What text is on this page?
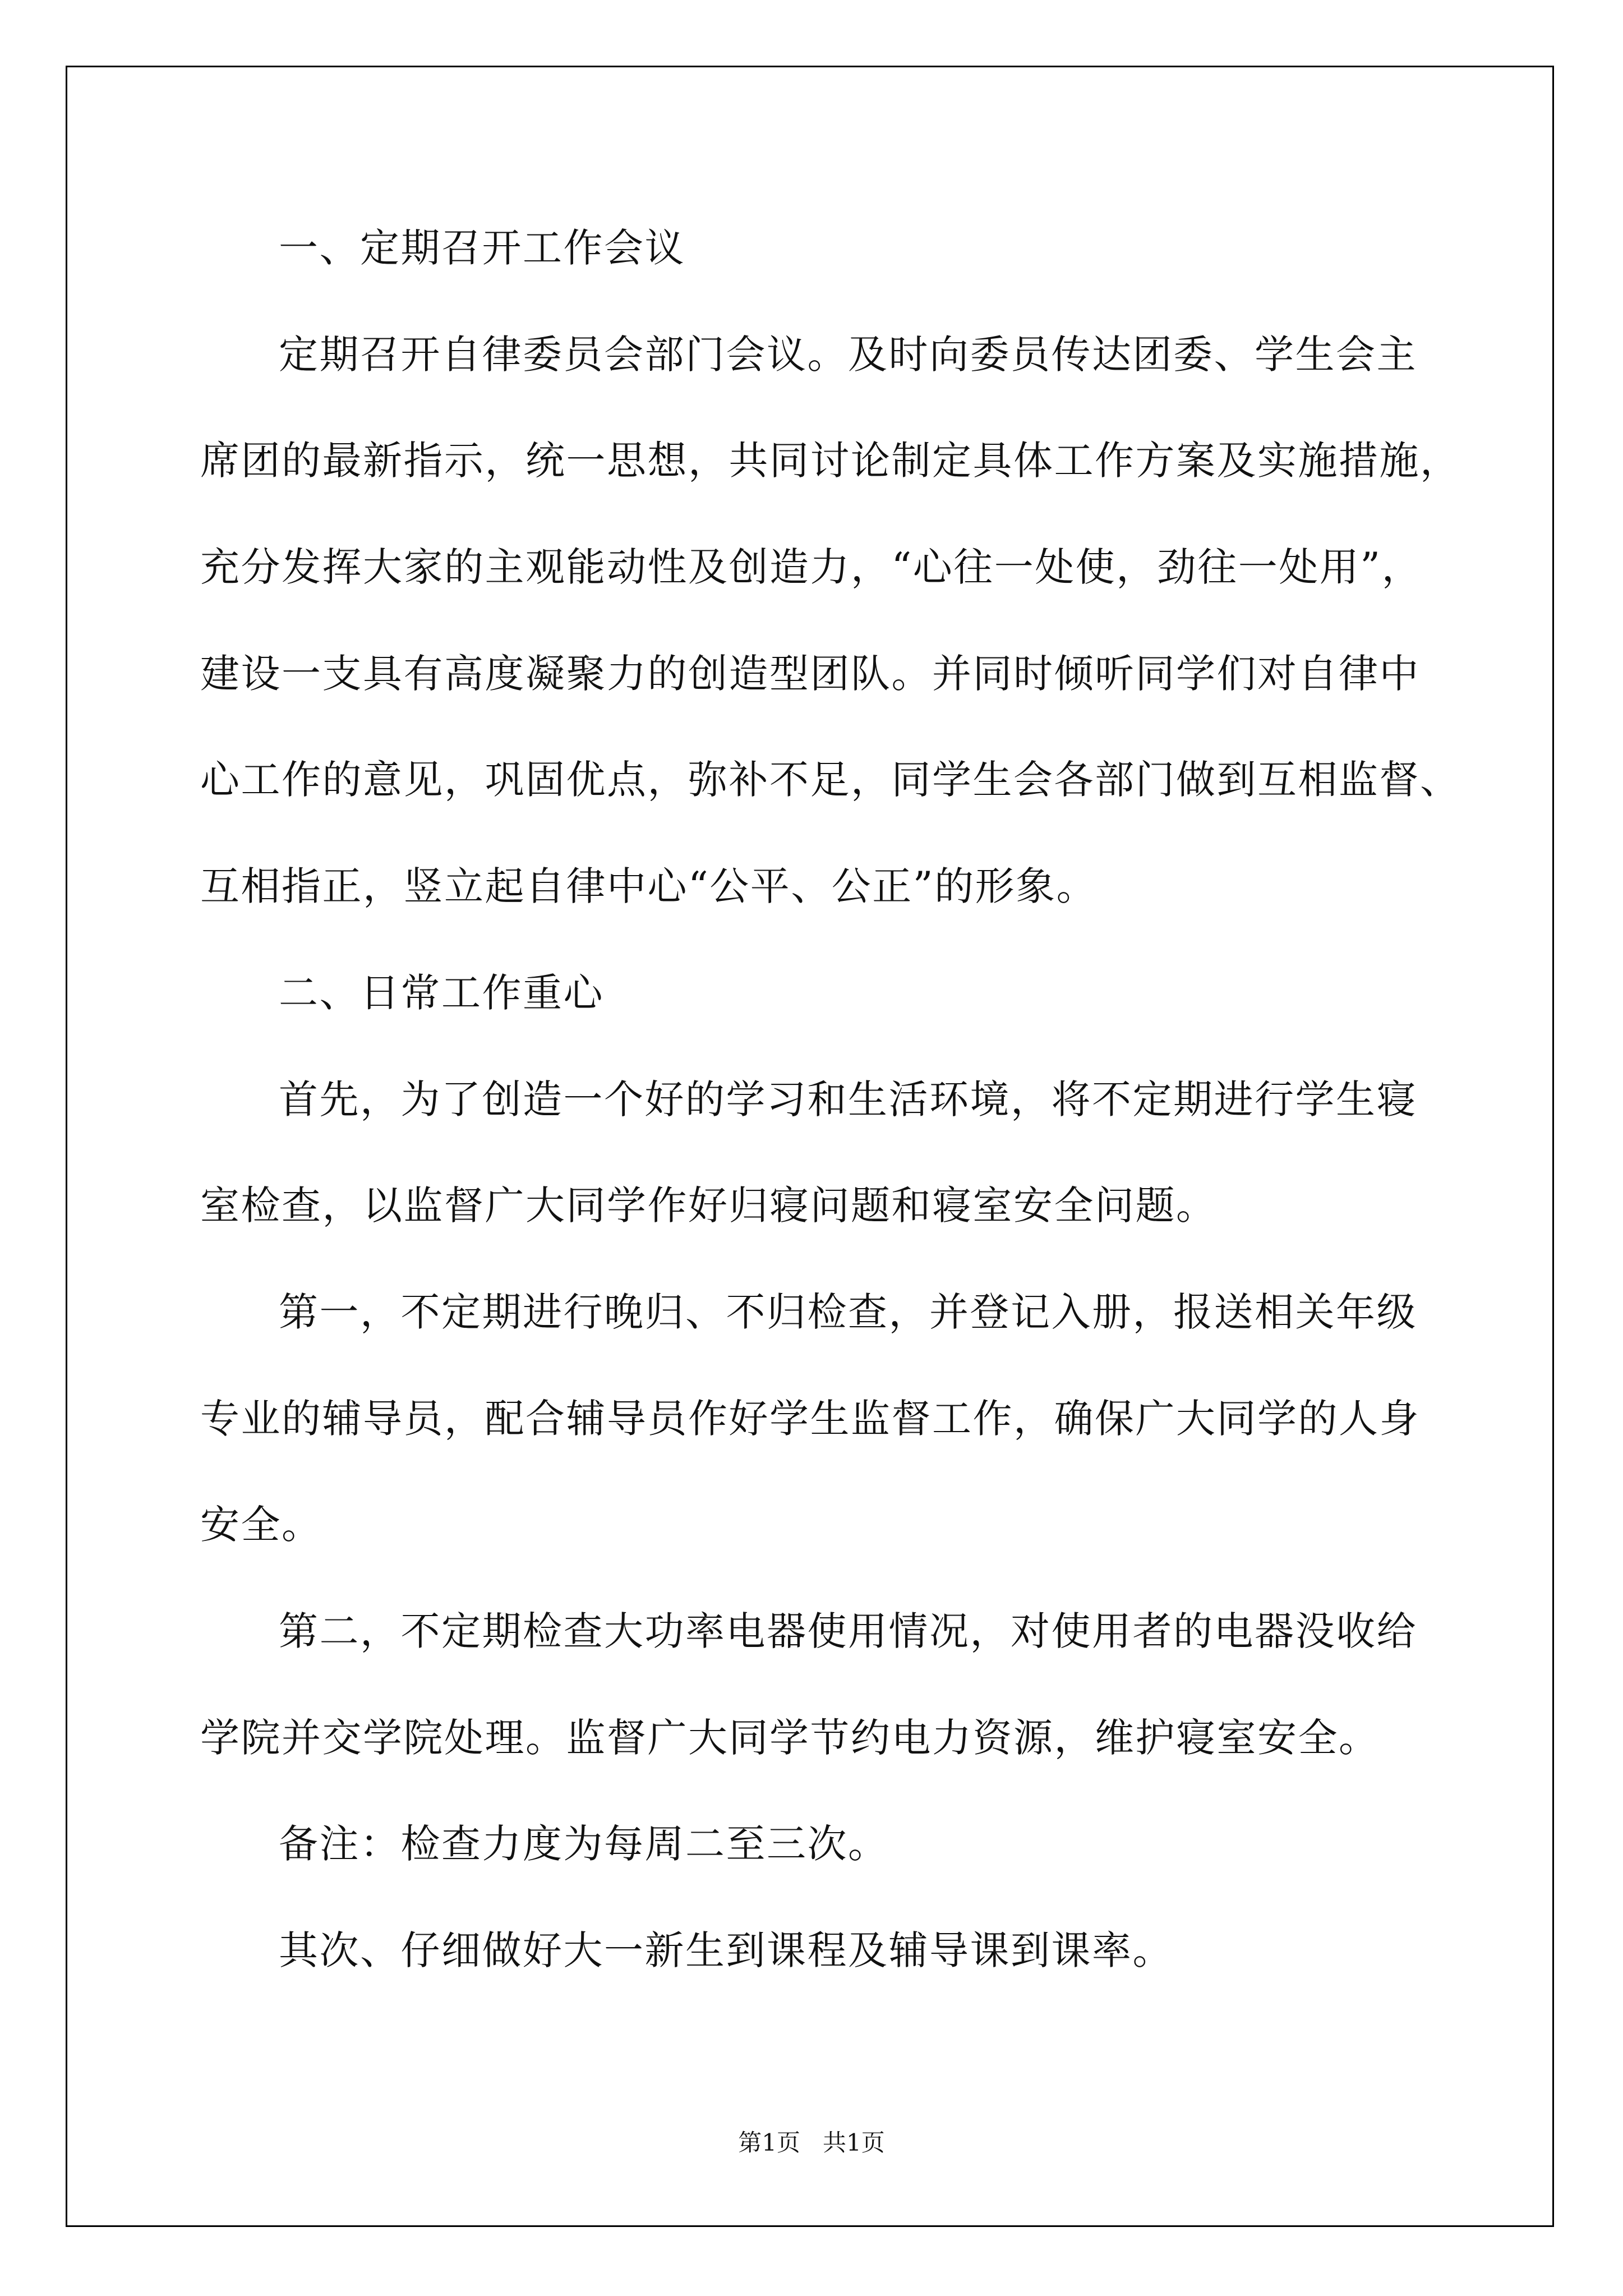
一、定期召开工作会议
定期召开自律委员会部门会议。及时向委员传达团委、学生会主
席团的最新指示，统一思想，共同讨论制定具体工作方案及实施措施，
充分发挥大家的主观能动性及创造力，“心往一处使，劲往一处用”，
建设一支具有高度凝聚力的创造型团队。并同时倾听同学们对自律中
心工作的意见，巩固优点，弥补不足，同学生会各部门做到互相监督、
互相指正，竖立起自律中心“公平、公正”的形象。
二、日常工作重心
首先，为了创造一个好的学习和生活环境，将不定期进行学生寝
室检查，以监督广大同学作好归寝问题和寝室安全问题。
第一，不定期进行晚归、不归检查，并登记入册，报送相关年级
专业的辅导员，配合辅导员作好学生监督工作，确保广大同学的人身
安全。
第二，不定期检查大功率电器使用情况，对使用者的电器没收给
学院并交学院处理。监督广大同学节约电力资源，维护寝室安全。
备注：检查力度为每周二至三次。
其次、仔细做好大一新生到课程及辅导课到课率。
第1页   共1页
